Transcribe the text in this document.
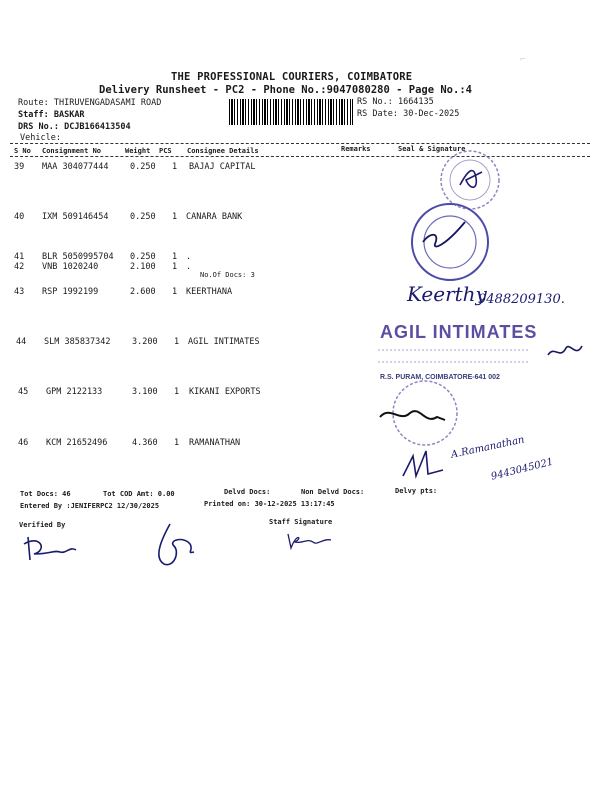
⌐
THE PROFESSIONAL COURIERS, COIMBATORE
Delivery Runsheet - PC2 - Phone No.:9047080280 - Page No.:4
Route: THIRUVENGADASAMI ROAD
Staff: BASKAR
DRS No.: DCJB166413504
Vehicle:
RS No.: 1664135
RS Date: 30-Dec-2025
S No Consignment No	Weight PCS Consignee Details	Remarks	Seal & Signature
39 MAA 304077444	0.250 1 BAJAJ CAPITAL
40 IXM 509146454	0.250 1 CANARA BANK
41 BLR 5050995704 0.250 1 .
42 VNB 1020240	2.100 1 .
No.Of Docs: 3
43 RSP 1992199	2.600 1 KEERTHANA
44 SLM 385837342	3.200 1 AGIL INTIMATES
45 GPM 2122133	3.100 1 KIKANI EXPORTS
46 KCM 21652496	4.360 1 RAMANATHAN
Keerthy
9488209130.
AGIL INTIMATES
R.S. PURAM, COIMBATORE-641 002
A.Ramanathan
9443045021
Tot Docs: 46	Tot COD Amt: 0.00	Delvd Docs:	Non Delvd Docs:	Delvy pts:
Entered By :JENIFERPC2 12/30/2025	Printed on: 30-12-2025 13:17:45
Verified By	Staff Signature
